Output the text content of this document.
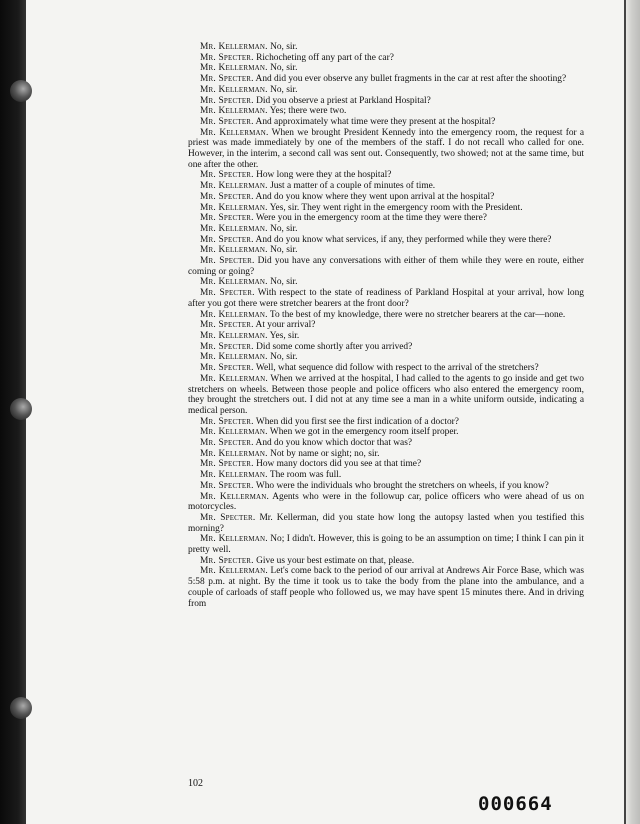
Mr. Kellerman. No, sir.

Mr. Specter. Richocheting off any part of the car?

Mr. Kellerman. No, sir.

Mr. Specter. And did you ever observe any bullet fragments in the car at rest after the shooting?

Mr. Kellerman. No, sir.

Mr. Specter. Did you observe a priest at Parkland Hospital?

Mr. Kellerman. Yes; there were two.

Mr. Specter. And approximately what time were they present at the hospital?

Mr. Kellerman. When we brought President Kennedy into the emergency room, the request for a priest was made immediately by one of the members of the staff. I do not recall who called for one. However, in the interim, a second call was sent out. Consequently, two showed; not at the same time, but one after the other.

Mr. Specter. How long were they at the hospital?

Mr. Kellerman. Just a matter of a couple of minutes of time.

Mr. Specter. And do you know where they went upon arrival at the hospital?

Mr. Kellerman. Yes, sir. They went right in the emergency room with the President.

Mr. Specter. Were you in the emergency room at the time they were there?

Mr. Kellerman. No, sir.

Mr. Specter. And do you know what services, if any, they performed while they were there?

Mr. Kellerman. No, sir.

Mr. Specter. Did you have any conversations with either of them while they were en route, either coming or going?

Mr. Kellerman. No, sir.

Mr. Specter. With respect to the state of readiness of Parkland Hospital at your arrival, how long after you got there were stretcher bearers at the front door?

Mr. Kellerman. To the best of my knowledge, there were no stretcher bearers at the car—none.

Mr. Specter. At your arrival?

Mr. Kellerman. Yes, sir.

Mr. Specter. Did some come shortly after you arrived?

Mr. Kellerman. No, sir.

Mr. Specter. Well, what sequence did follow with respect to the arrival of the stretchers?

Mr. Kellerman. When we arrived at the hospital, I had called to the agents to go inside and get two stretchers on wheels. Between those people and police officers who also entered the emergency room, they brought the stretchers out. I did not at any time see a man in a white uniform outside, indicating a medical person.

Mr. Specter. When did you first see the first indication of a doctor?

Mr. Kellerman. When we got in the emergency room itself proper.

Mr. Specter. And do you know which doctor that was?

Mr. Kellerman. Not by name or sight; no, sir.

Mr. Specter. How many doctors did you see at that time?

Mr. Kellerman. The room was full.

Mr. Specter. Who were the individuals who brought the stretchers on wheels, if you know?

Mr. Kellerman. Agents who were in the followup car, police officers who were ahead of us on motorcycles.

Mr. Specter. Mr. Kellerman, did you state how long the autopsy lasted when you testified this morning?

Mr. Kellerman. No; I didn't. However, this is going to be an assumption on time; I think I can pin it pretty well.

Mr. Specter. Give us your best estimate on that, please.

Mr. Kellerman. Let's come back to the period of our arrival at Andrews Air Force Base, which was 5:58 p.m. at night. By the time it took us to take the body from the plane into the ambulance, and a couple of carloads of staff people who followed us, we may have spent 15 minutes there. And in driving from

102
000664
